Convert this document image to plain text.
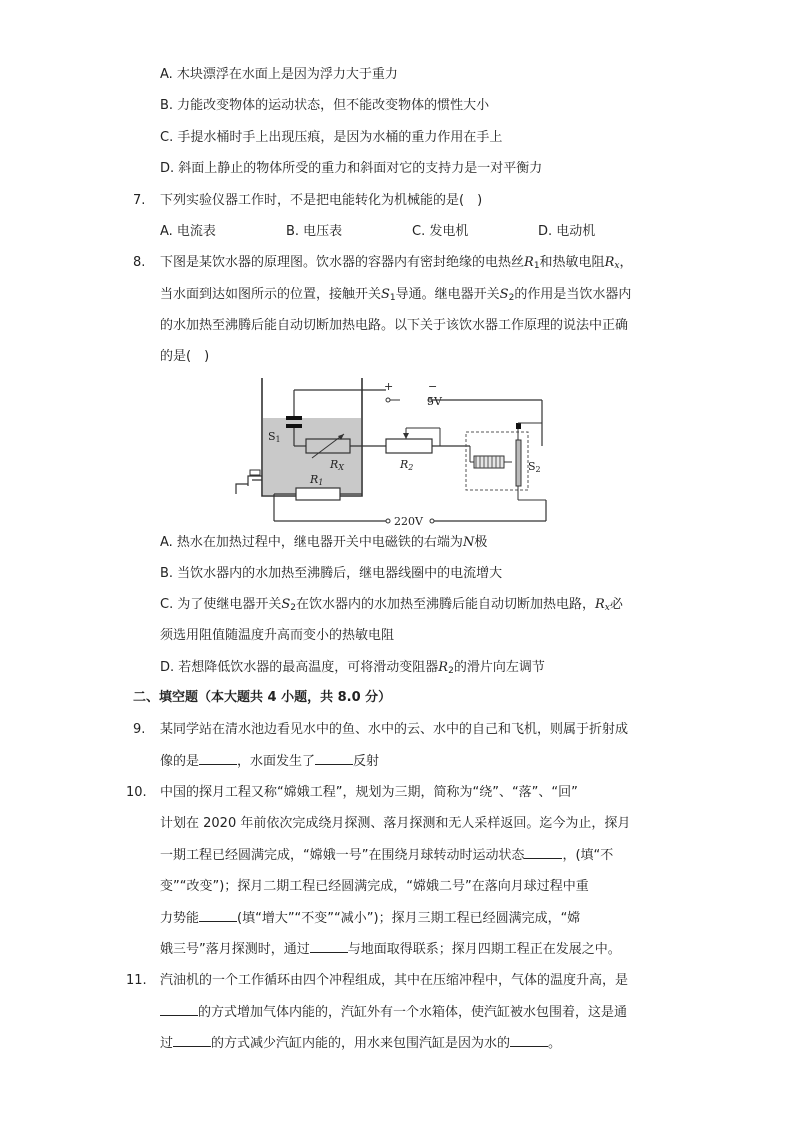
A. 木块漂浮在水面上是因为浮力大于重力
B. 力能改变物体的运动状态，但不能改变物体的惯性大小
C. 手提水桶时手上出现压痕，是因为水桶的重力作用在手上
D. 斜面上静止的物体所受的重力和斜面对它的支持力是一对平衡力
7. 下列实验仪器工作时，不是把电能转化为机械能的是(　)
A. 电流表	B. 电压表	C. 发电机	D. 电动机
8. 下图是某饮水器的原理图。饮水器的容器内有密封绝缘的电热丝$R_1$和热敏电阻$R_x$，
当水面到达如图所示的位置，接触开关$S_1$导通。继电器开关$S_2$的作用是当饮水器内
的水加热至沸腾后能自动切断加热电路。以下关于该饮水器工作原理的说法中正确
的是(　)
S1
+
5V
−
RX	R2	S2
R1
220V
A. 热水在加热过程中，继电器开关中电磁铁的右端为N极
B. 当饮水器内的水加热至沸腾后，继电器线圈中的电流增大
C. 为了使继电器开关$S_2$在饮水器内的水加热至沸腾后能自动切断加热电路，$R_x$必
须选用阻值随温度升高而变小的热敏电阻
D. 若想降低饮水器的最高温度，可将滑动变阻器$R_2$的滑片向左调节
二、填空题（本大题共 4 小题，共 8.0 分）
9. 某同学站在清水池边看见水中的鱼、水中的云、水中的自己和飞机，则属于折射成
像的是	，水面发生了	反射
10. 中国的探月工程又称“嫦娥工程”，规划为三期，简称为“绕”、“落”、“回”
计划在 2020 年前依次完成绕月探测、落月探测和无人采样返回。迄今为止，探月
一期工程已经圆满完成，“嫦娥一号”在围绕月球转动时运动状态	，(填“不
变”“改变”)；探月二期工程已经圆满完成，“嫦娥二号”在落向月球过程中重
力势能	(填“增大”“不变”“减小”)；探月三期工程已经圆满完成，“嫦
娥三号”落月探测时，通过	与地面取得联系；探月四期工程正在发展之中。
11. 汽油机的一个工作循环由四个冲程组成，其中在压缩冲程中，气体的温度升高，是
的方式增加气体内能的，汽缸外有一个水箱体，使汽缸被水包围着，这是通
过	的方式减少汽缸内能的，用水来包围汽缸是因为水的	。
